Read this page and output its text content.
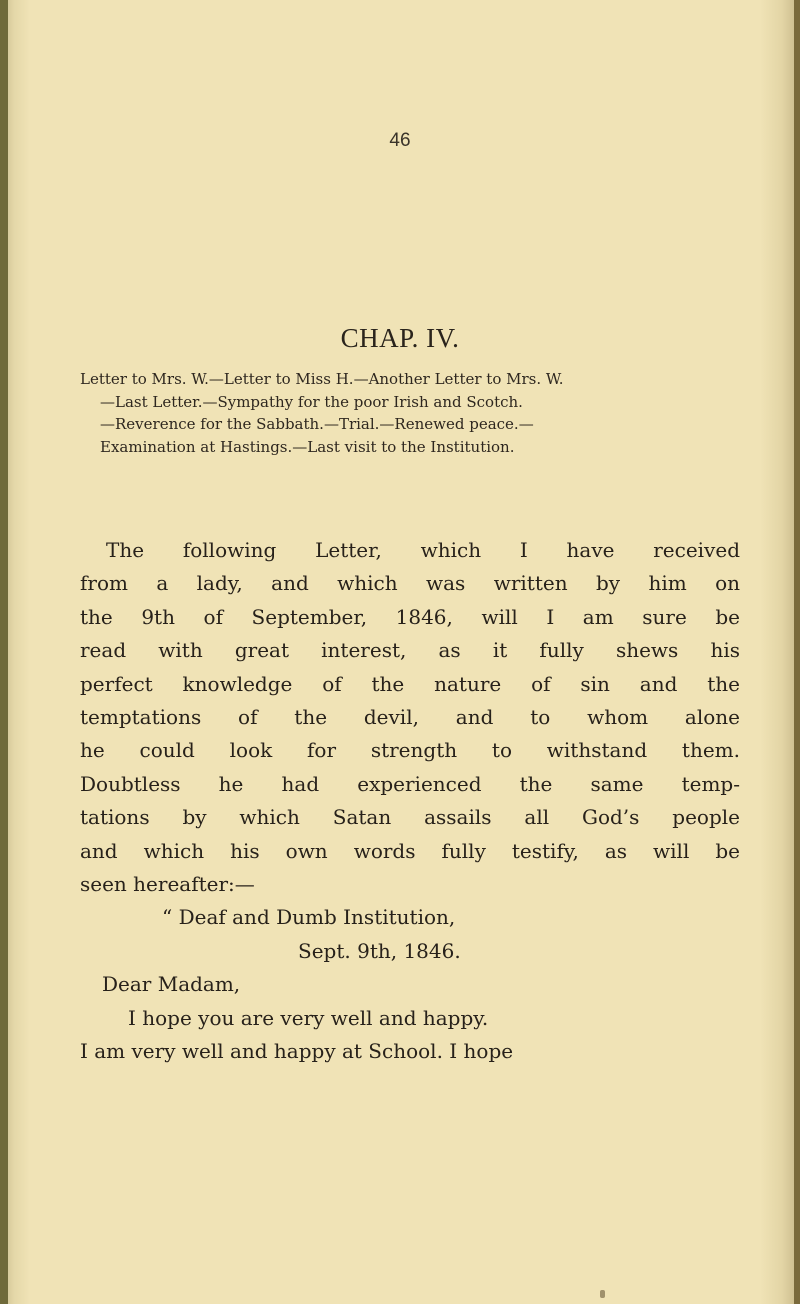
46
CHAP. IV.
Letter to Mrs. W.—Letter to Miss H.—Another Letter to Mrs. W.
—Last Letter.—Sympathy for the poor Irish and Scotch.
—Reverence for the Sabbath.—Trial.—Renewed peace.—
Examination at Hastings.—Last visit to the Institution.
The following Letter, which I have received
from a lady, and which was written by him on
the 9th of September, 1846, will I am sure be
read with great interest, as it fully shews his
perfect knowledge of the nature of sin and the
temptations of the devil, and to whom alone
he could look for strength to withstand them.
Doubtless he had experienced the same temp-
tations by which Satan assails all God’s people
and which his own words fully testify, as will be
seen hereafter:—
“ Deaf and Dumb Institution,
Sept. 9th, 1846.
Dear Madam,
I hope you are very well and happy.
I am very well and happy at School. I hope
